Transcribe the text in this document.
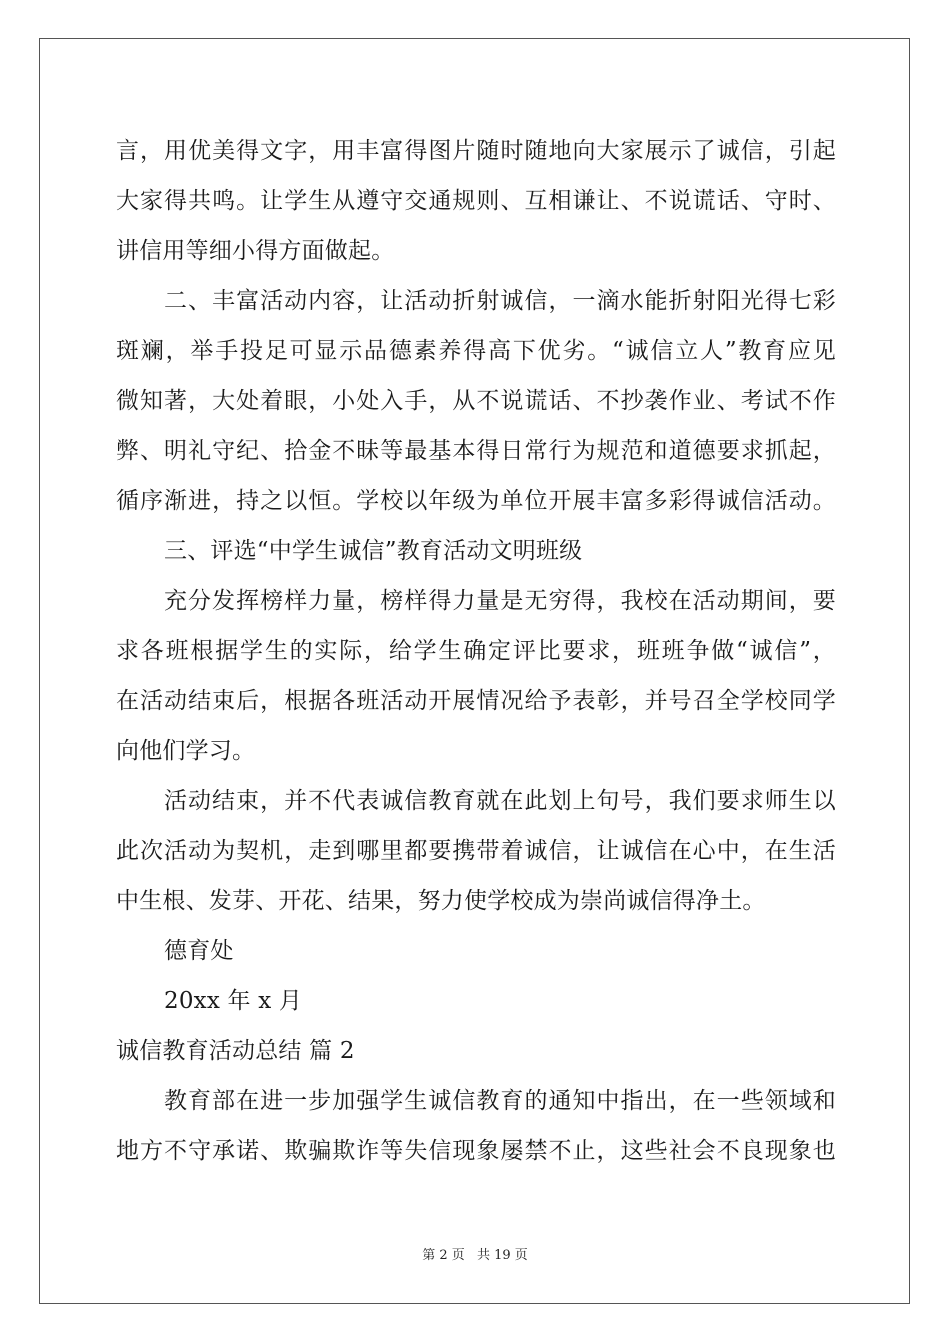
言，用优美得文字，用丰富得图片随时随地向大家展示了诚信，引起
大家得共鸣。让学生从遵守交通规则、互相谦让、不说谎话、守时、
讲信用等细小得方面做起。
二、丰富活动内容，让活动折射诚信，一滴水能折射阳光得七彩
斑斓，举手投足可显示品德素养得高下优劣。“诚信立人”教育应见
微知著，大处着眼，小处入手，从不说谎话、不抄袭作业、考试不作
弊、明礼守纪、拾金不昧等最基本得日常行为规范和道德要求抓起，
循序渐进，持之以恒。学校以年级为单位开展丰富多彩得诚信活动。
三、评选“中学生诚信”教育活动文明班级
充分发挥榜样力量，榜样得力量是无穷得，我校在活动期间，要
求各班根据学生的实际，给学生确定评比要求，班班争做“诚信”，
在活动结束后，根据各班活动开展情况给予表彰，并号召全学校同学
向他们学习。
活动结束，并不代表诚信教育就在此划上句号，我们要求师生以
此次活动为契机，走到哪里都要携带着诚信，让诚信在心中，在生活
中生根、发芽、开花、结果，努力使学校成为崇尚诚信得净土。
德育处
20xx 年 x 月
诚信教育活动总结 篇 2
教育部在进一步加强学生诚信教育的通知中指出，在一些领域和
地方不守承诺、欺骗欺诈等失信现象屡禁不止，这些社会不良现象也
第 2 页 共 19 页
